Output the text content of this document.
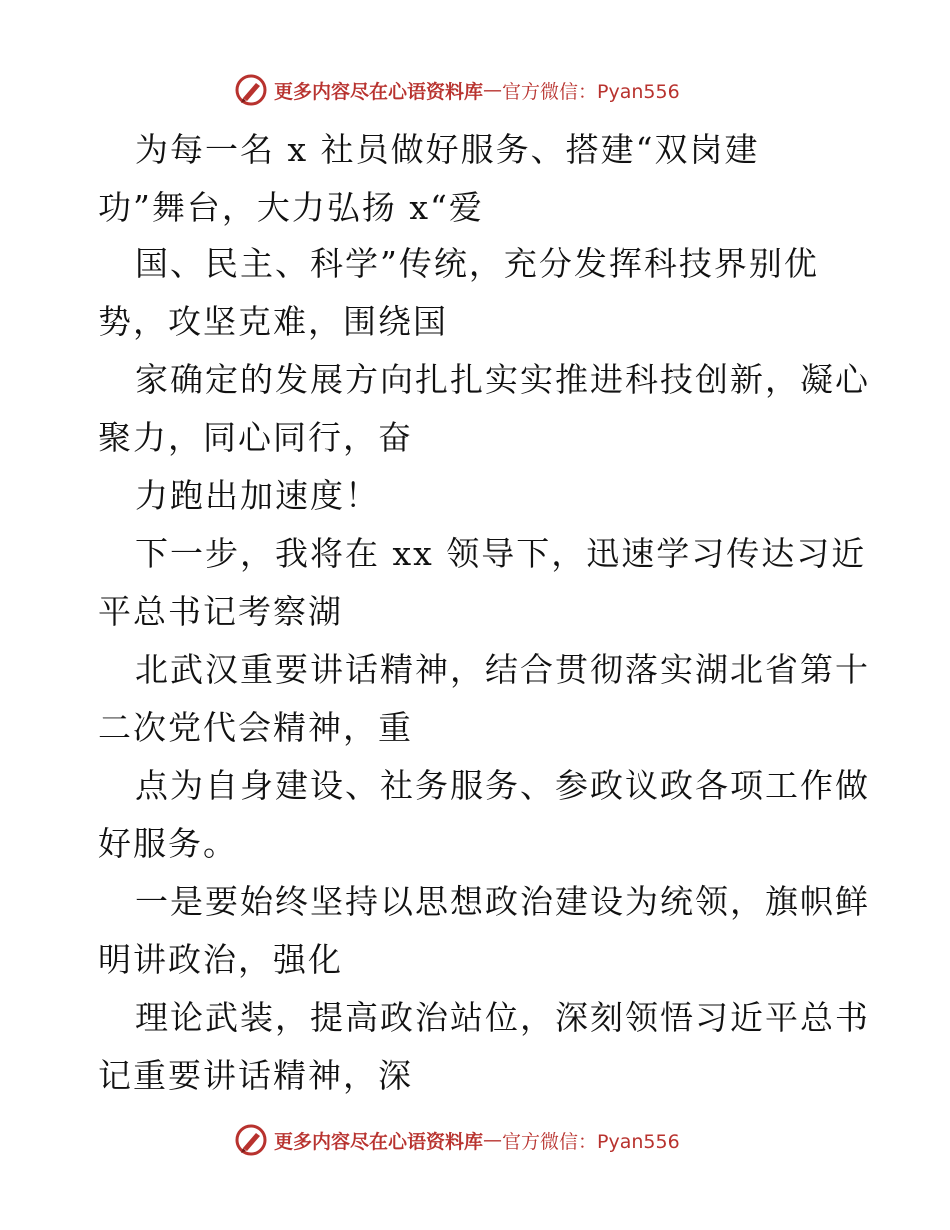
更多内容尽在心语资料库 — 官方微信：Pyan556
为每一名 x 社员做好服务、搭建“双岗建
功”舞台，大力弘扬 x“爱
国、民主、科学”传统，充分发挥科技界别优
势，攻坚克难，围绕国
家确定的发展方向扎扎实实推进科技创新，凝心
聚力，同心同行，奋
力跑出加速度！
下一步，我将在 xx 领导下，迅速学习传达习近
平总书记考察湖
北武汉重要讲话精神，结合贯彻落实湖北省第十
二次党代会精神，重
点为自身建设、社务服务、参政议政各项工作做
好服务。
一是要始终坚持以思想政治建设为统领，旗帜鲜
明讲政治，强化
理论武装，提高政治站位，深刻领悟习近平总书
记重要讲话精神，深
更多内容尽在心语资料库 — 官方微信：Pyan556
